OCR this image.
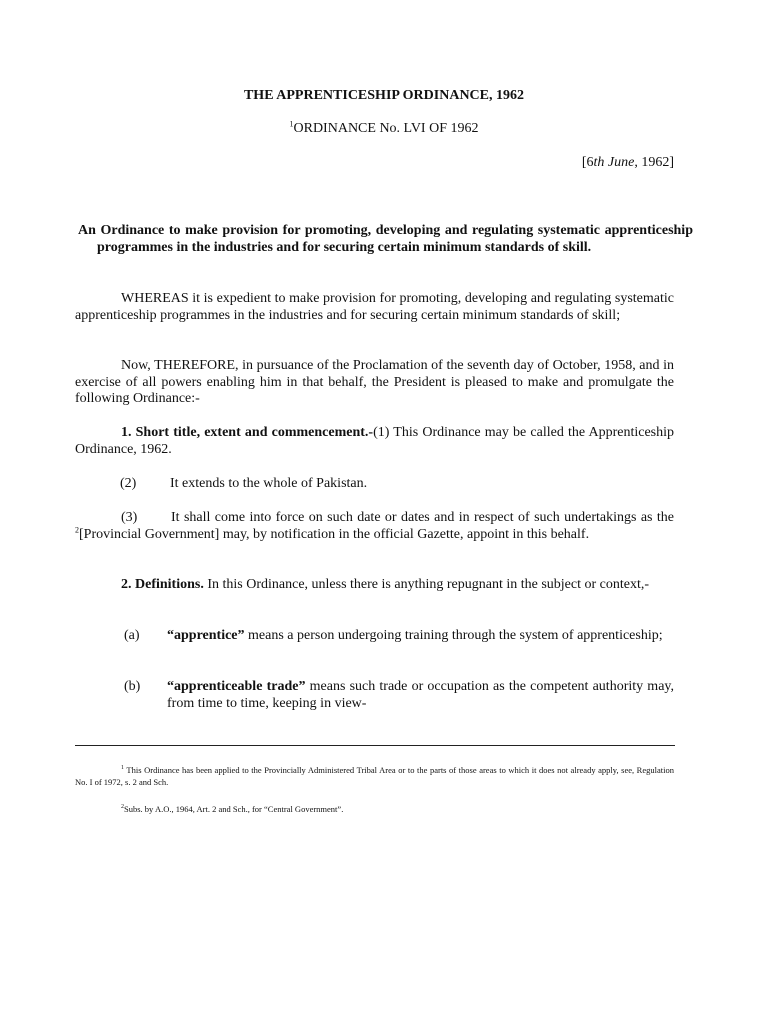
THE APPRENTICESHIP ORDINANCE, 1962
$^1$ORDINANCE No. LVI OF 1962
[6th June, 1962]
An Ordinance to make provision for promoting, developing and regulating systematic apprenticeship programmes in the industries and for securing certain minimum standards of skill.
WHEREAS it is expedient to make provision for promoting, developing and regulating systematic apprenticeship programmes in the industries and for securing certain minimum standards of skill;
Now, THEREFORE, in pursuance of the Proclamation of the seventh day of October, 1958, and in exercise of all powers enabling him in that behalf, the President is pleased to make and promulgate the following Ordinance:-
1. Short title, extent and commencement.-(1) This Ordinance may be called the Apprenticeship Ordinance, 1962.
(2) It extends to the whole of Pakistan.
(3) It shall come into force on such date or dates and in respect of such undertakings as the $^2$[Provincial Government] may, by notification in the official Gazette, appoint in this behalf.
2. Definitions. In this Ordinance, unless there is anything repugnant in the subject or context,-
(a) “apprentice” means a person undergoing training through the system of apprenticeship;
(b) “apprenticeable trade” means such trade or occupation as the competent authority may, from time to time, keeping in view-
$^1$ This Ordinance has been applied to the Provincially Administered Tribal Area or to the parts of those areas to which it does not already apply, see, Regulation No. I of 1972, s. 2 and Sch.
$^2$Subs. by A.O., 1964, Art. 2 and Sch., for “Central Government”.
